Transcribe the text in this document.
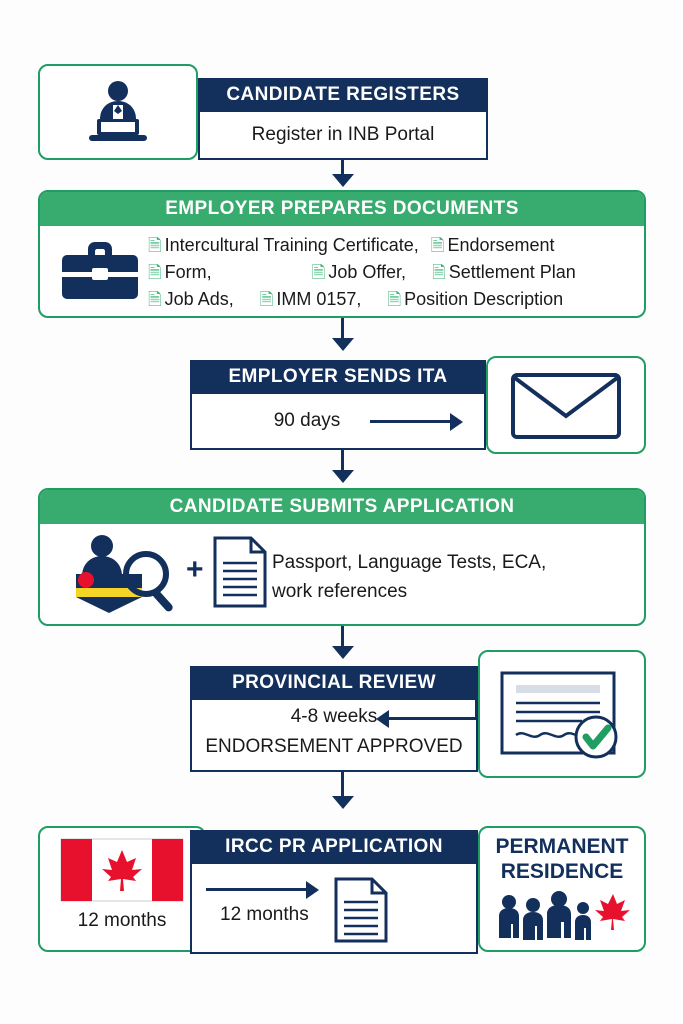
CANDIDATE REGISTERS
Register in INB Portal
EMPLOYER PREPARES DOCUMENTS
🗎 Intercultural Training Certificate, 🗎 Endorsement
🗎 Form,	🗎 Job Offer, 🗎 Settlement Plan
🗎 Job Ads, 🗎 IMM 0157, 🗎 Position Description
EMPLOYER SENDS ITA
90 days
CANDIDATE SUBMITS APPLICATION
+	Passport, Language Tests, ECA,
work references
PROVINCIAL REVIEW
4-8 weeks
ENDORSEMENT APPROVED
12 months
IRCC PR APPLICATION
12 months
PERMANENT
RESIDENCE
